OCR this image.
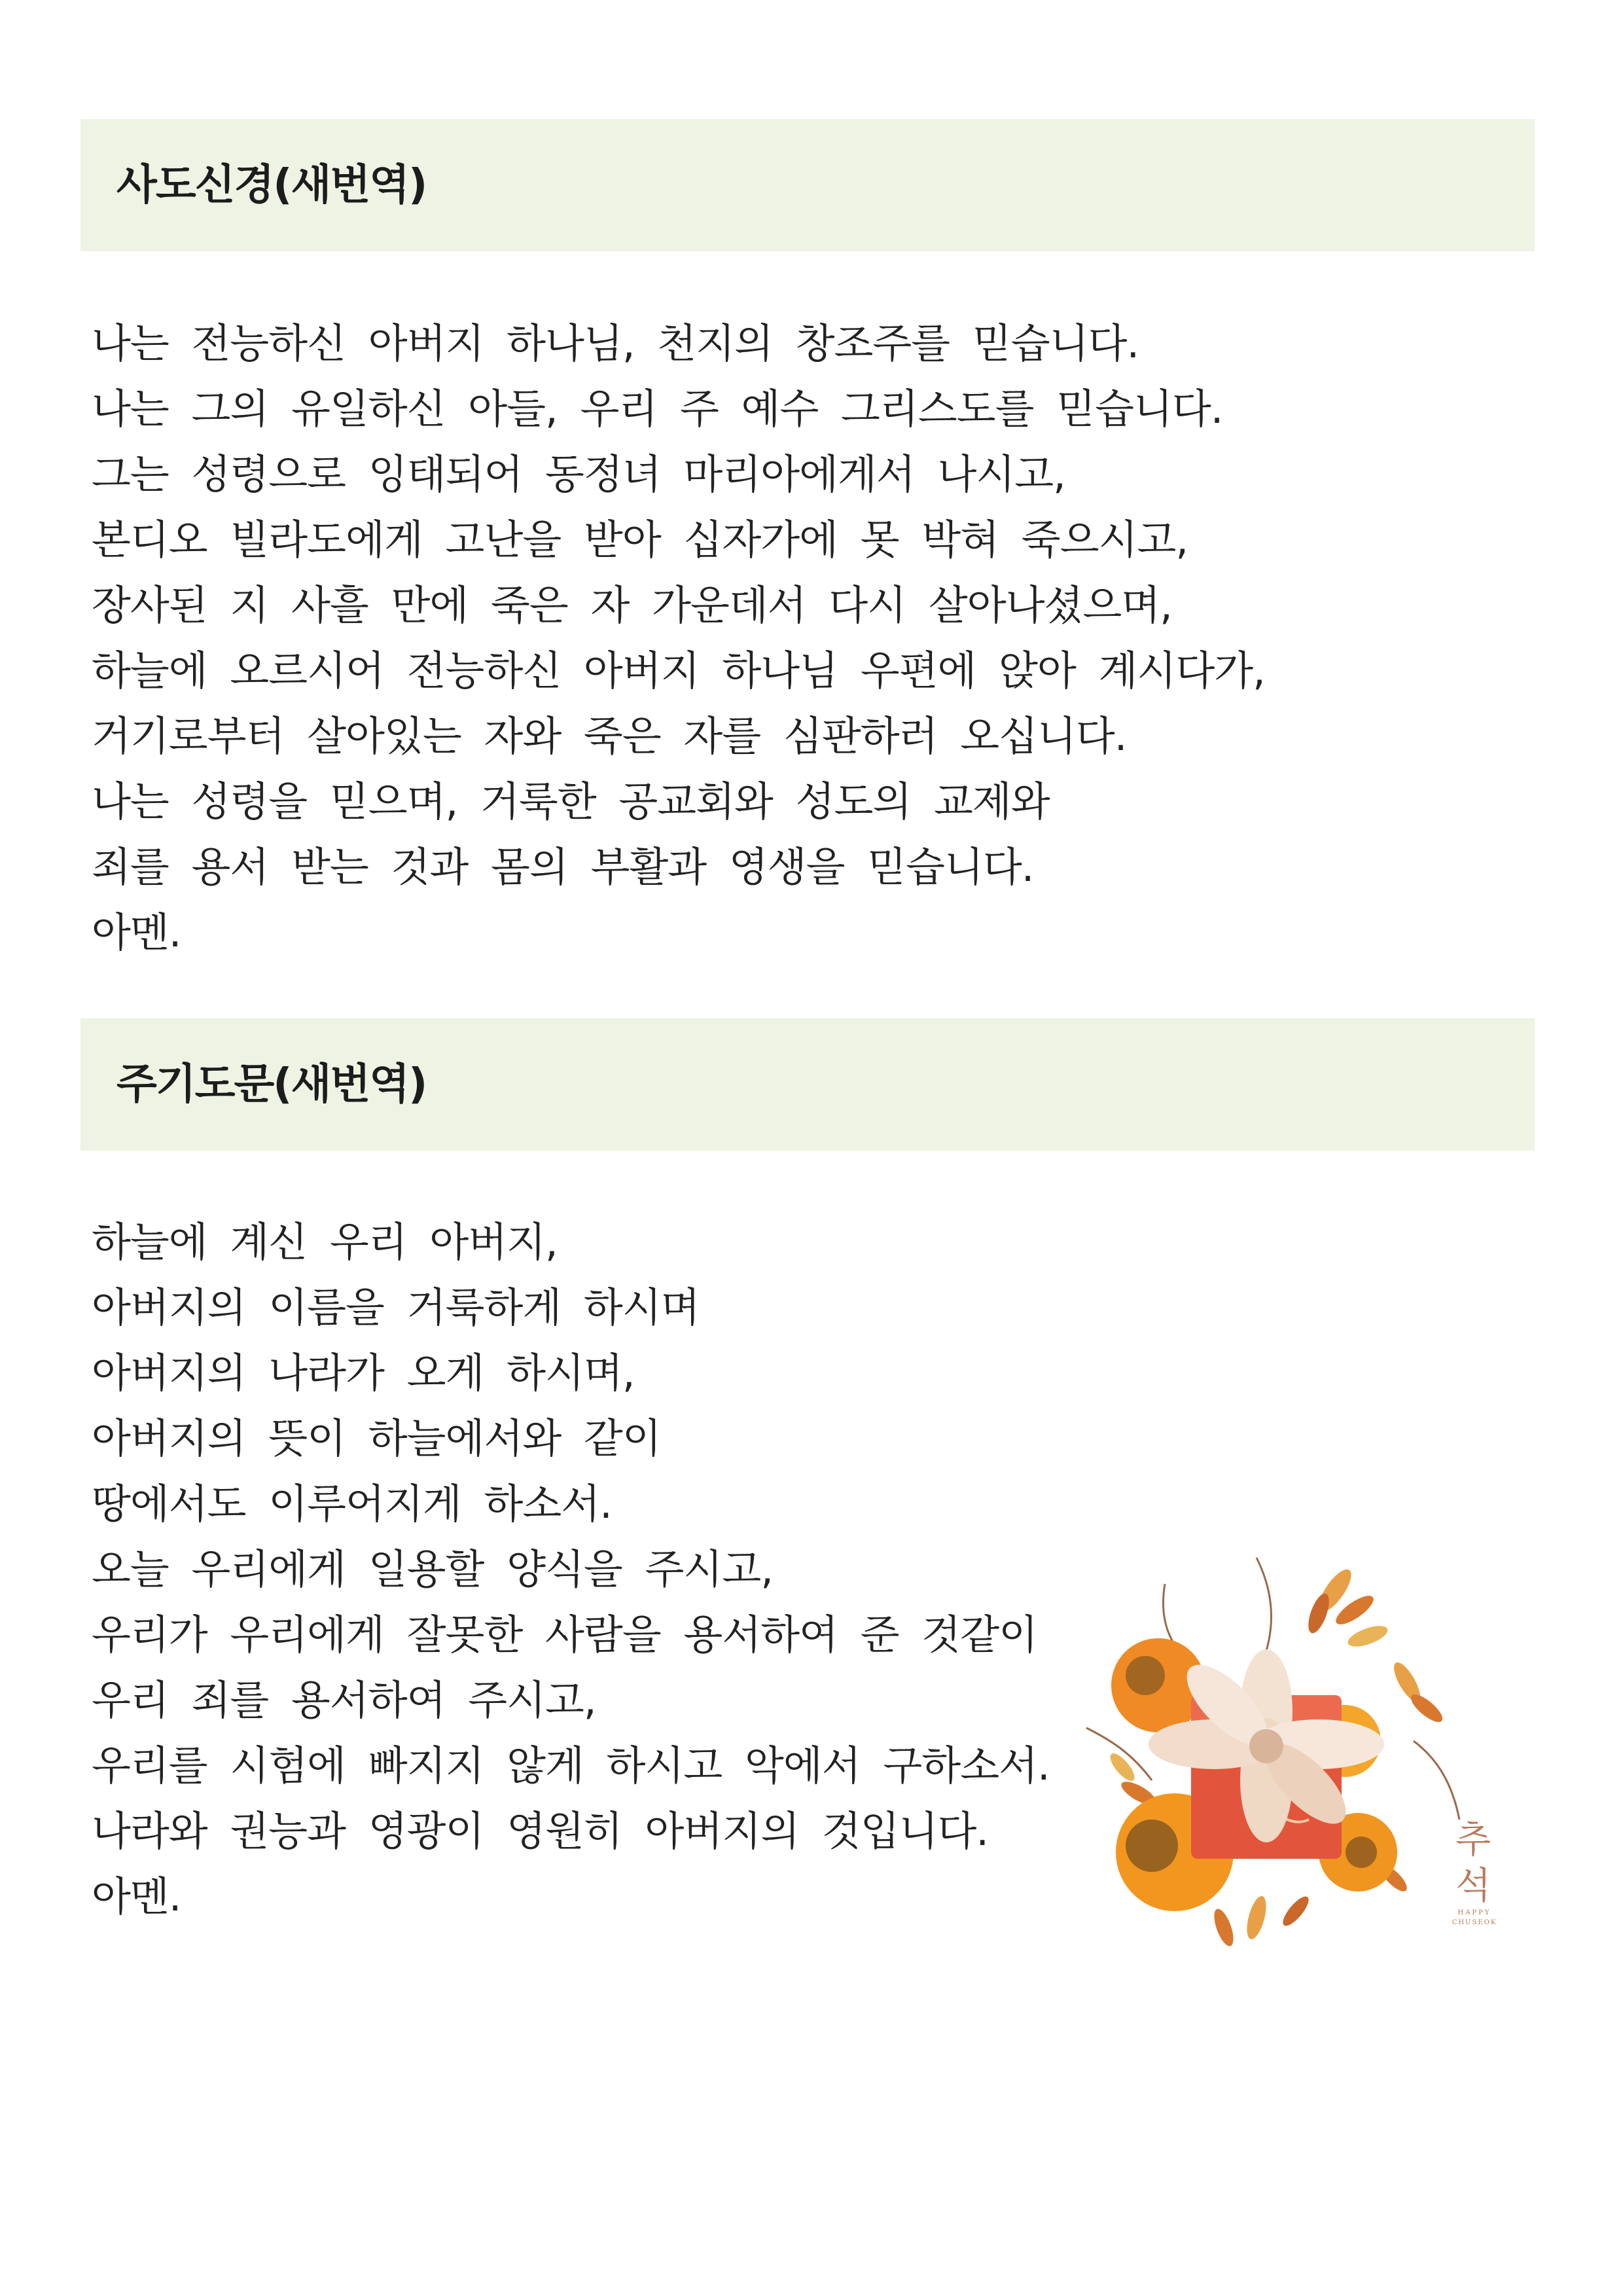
사도신경(새번역)
나는 전능하신 아버지 하나님, 천지의 창조주를 믿습니다.
나는 그의 유일하신 아들, 우리 주 예수 그리스도를 믿습니다.
그는 성령으로 잉태되어 동정녀 마리아에게서 나시고,
본디오 빌라도에게 고난을 받아 십자가에 못 박혀 죽으시고,
장사된 지 사흘 만에 죽은 자 가운데서 다시 살아나셨으며,
하늘에 오르시어 전능하신 아버지 하나님 우편에 앉아 계시다가,
거기로부터 살아있는 자와 죽은 자를 심판하러 오십니다.
나는 성령을 믿으며, 거룩한 공교회와 성도의 교제와
죄를 용서 받는 것과 몸의 부활과 영생을 믿습니다.
아멘.
주기도문(새번역)
하늘에 계신 우리 아버지,
아버지의 이름을 거룩하게 하시며
아버지의 나라가 오게 하시며,
아버지의 뜻이 하늘에서와 같이
땅에서도 이루어지게 하소서.
오늘 우리에게 일용할 양식을 주시고,
우리가 우리에게 잘못한 사람을 용서하여 준 것같이
우리 죄를 용서하여 주시고,
우리를 시험에 빠지지 않게 하시고 악에서 구하소서.
나라와 권능과 영광이 영원히 아버지의 것입니다.
아멘.
추
석
HAPPY
CHUSEOK
